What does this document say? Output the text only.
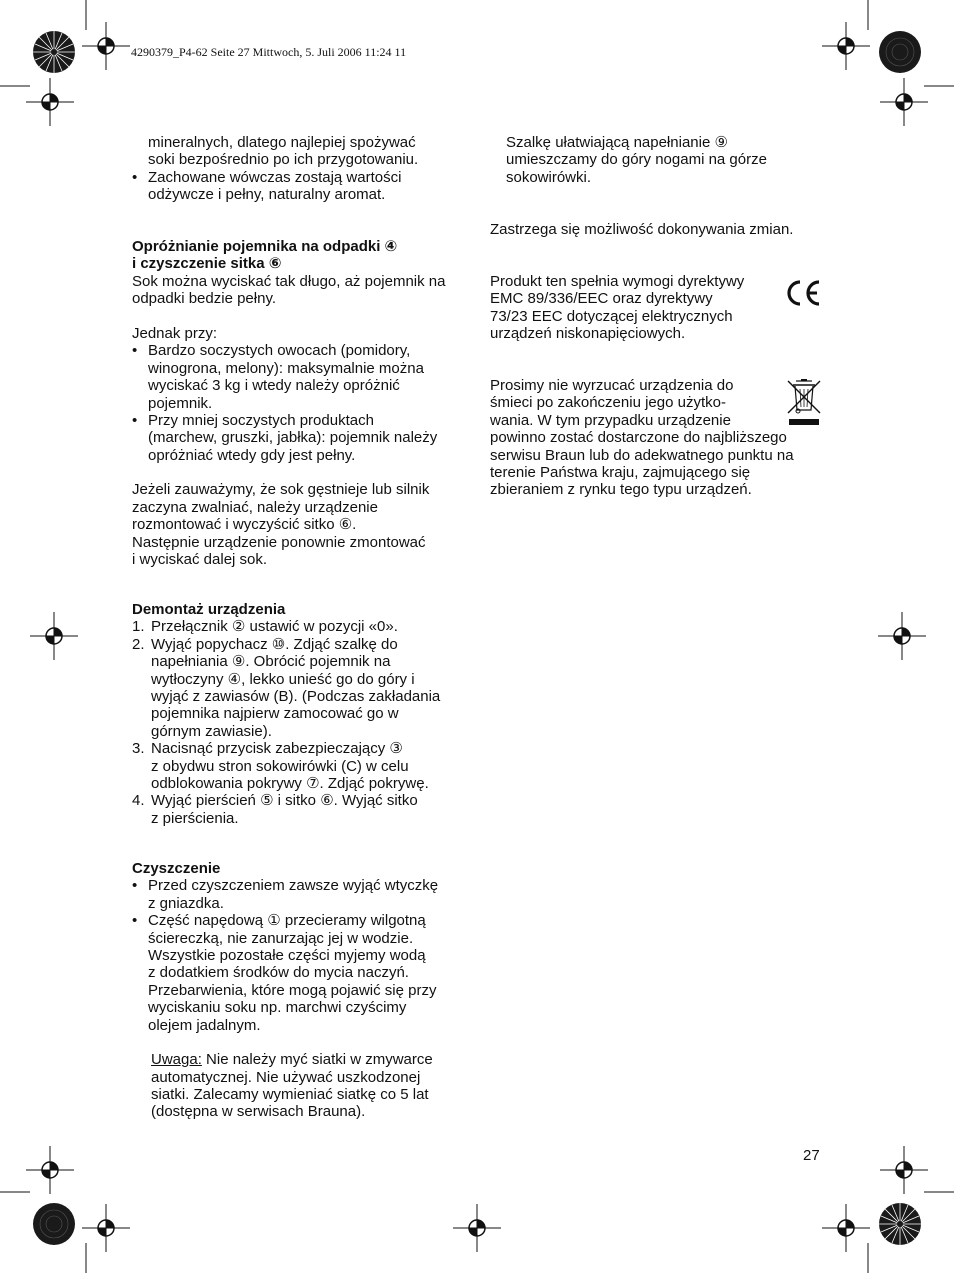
4290379_P4-62 Seite 27 Mittwoch, 5. Juli 2006 11:24 11
mineralnych, dlatego najlepiej spożywać
soki bezpośrednio po ich przygotowaniu.
• Zachowane wówczas zostają wartości
odżywcze i pełny, naturalny aromat.
Opróżnianie pojemnika na odpadki ④
i czyszczenie sitka ⑥
Sok można wyciskać tak długo, aż pojemnik na
odpadki bedzie pełny.
Jednak przy:
• Bardzo soczystych owocach (pomidory,
winogrona, melony): maksymalnie można
wyciskać 3 kg i wtedy należy opróżnić
pojemnik.
• Przy mniej soczystych produktach
(marchew, gruszki, jabłka): pojemnik należy
opróżniać wtedy gdy jest pełny.
Jeżeli zauważymy, że sok gęstnieje lub silnik
zaczyna zwalniać, należy urządzenie
rozmontować i wyczyścić sitko ⑥.
Następnie urządzenie ponownie zmontować
i wyciskać dalej sok.
Demontaż urządzenia
1. Przełącznik ② ustawić w pozycji «0».
2. Wyjąć popychacz ⑩. Zdjąć szalkę do
napełniania ⑨. Obrócić pojemnik na
wytłoczyny ④, lekko unieść go do góry i
wyjąć z zawiasów (B). (Podczas zakładania
pojemnika najpierw zamocować go w
górnym zawiasie).
3. Nacisnąć przycisk zabezpieczający ③
z obydwu stron sokowirówki (C) w celu
odblokowania pokrywy ⑦. Zdjąć pokrywę.
4. Wyjąć pierścień ⑤ i sitko ⑥. Wyjąć sitko
z pierścienia.
Czyszczenie
• Przed czyszczeniem zawsze wyjąć wtyczkę
z gniazdka.
• Część napędową ① przecieramy wilgotną
ściereczką, nie zanurzając jej w wodzie.
Wszystkie pozostałe części myjemy wodą
z dodatkiem środków do mycia naczyń.
Przebarwienia, które mogą pojawić się przy
wyciskaniu soku np. marchwi czyścimy
olejem jadalnym.
Uwaga: Nie należy myć siatki w zmywarce
automatycznej. Nie używać uszkodzonej
siatki. Zalecamy wymieniać siatkę co 5 lat
(dostępna w serwisach Brauna).
Szalkę ułatwiającą napełnianie ⑨
umieszczamy do góry nogami na górze
sokowirówki.
Zastrzega się możliwość dokonywania zmian.
Produkt ten spełnia wymogi dyrektywy
EMC 89/336/EEC oraz dyrektywy
73/23 EEC dotyczącej elektrycznych
urządzeń niskonapięciowych.
Prosimy nie wyrzucać urządzenia do
śmieci po zakończeniu jego użytko-
wania. W tym przypadku urządzenie
powinno zostać dostarczone do najbliższego
serwisu Braun lub do adekwatnego punktu na
terenie Państwa kraju, zajmującego się
zbieraniem z rynku tego typu urządzeń.
27
